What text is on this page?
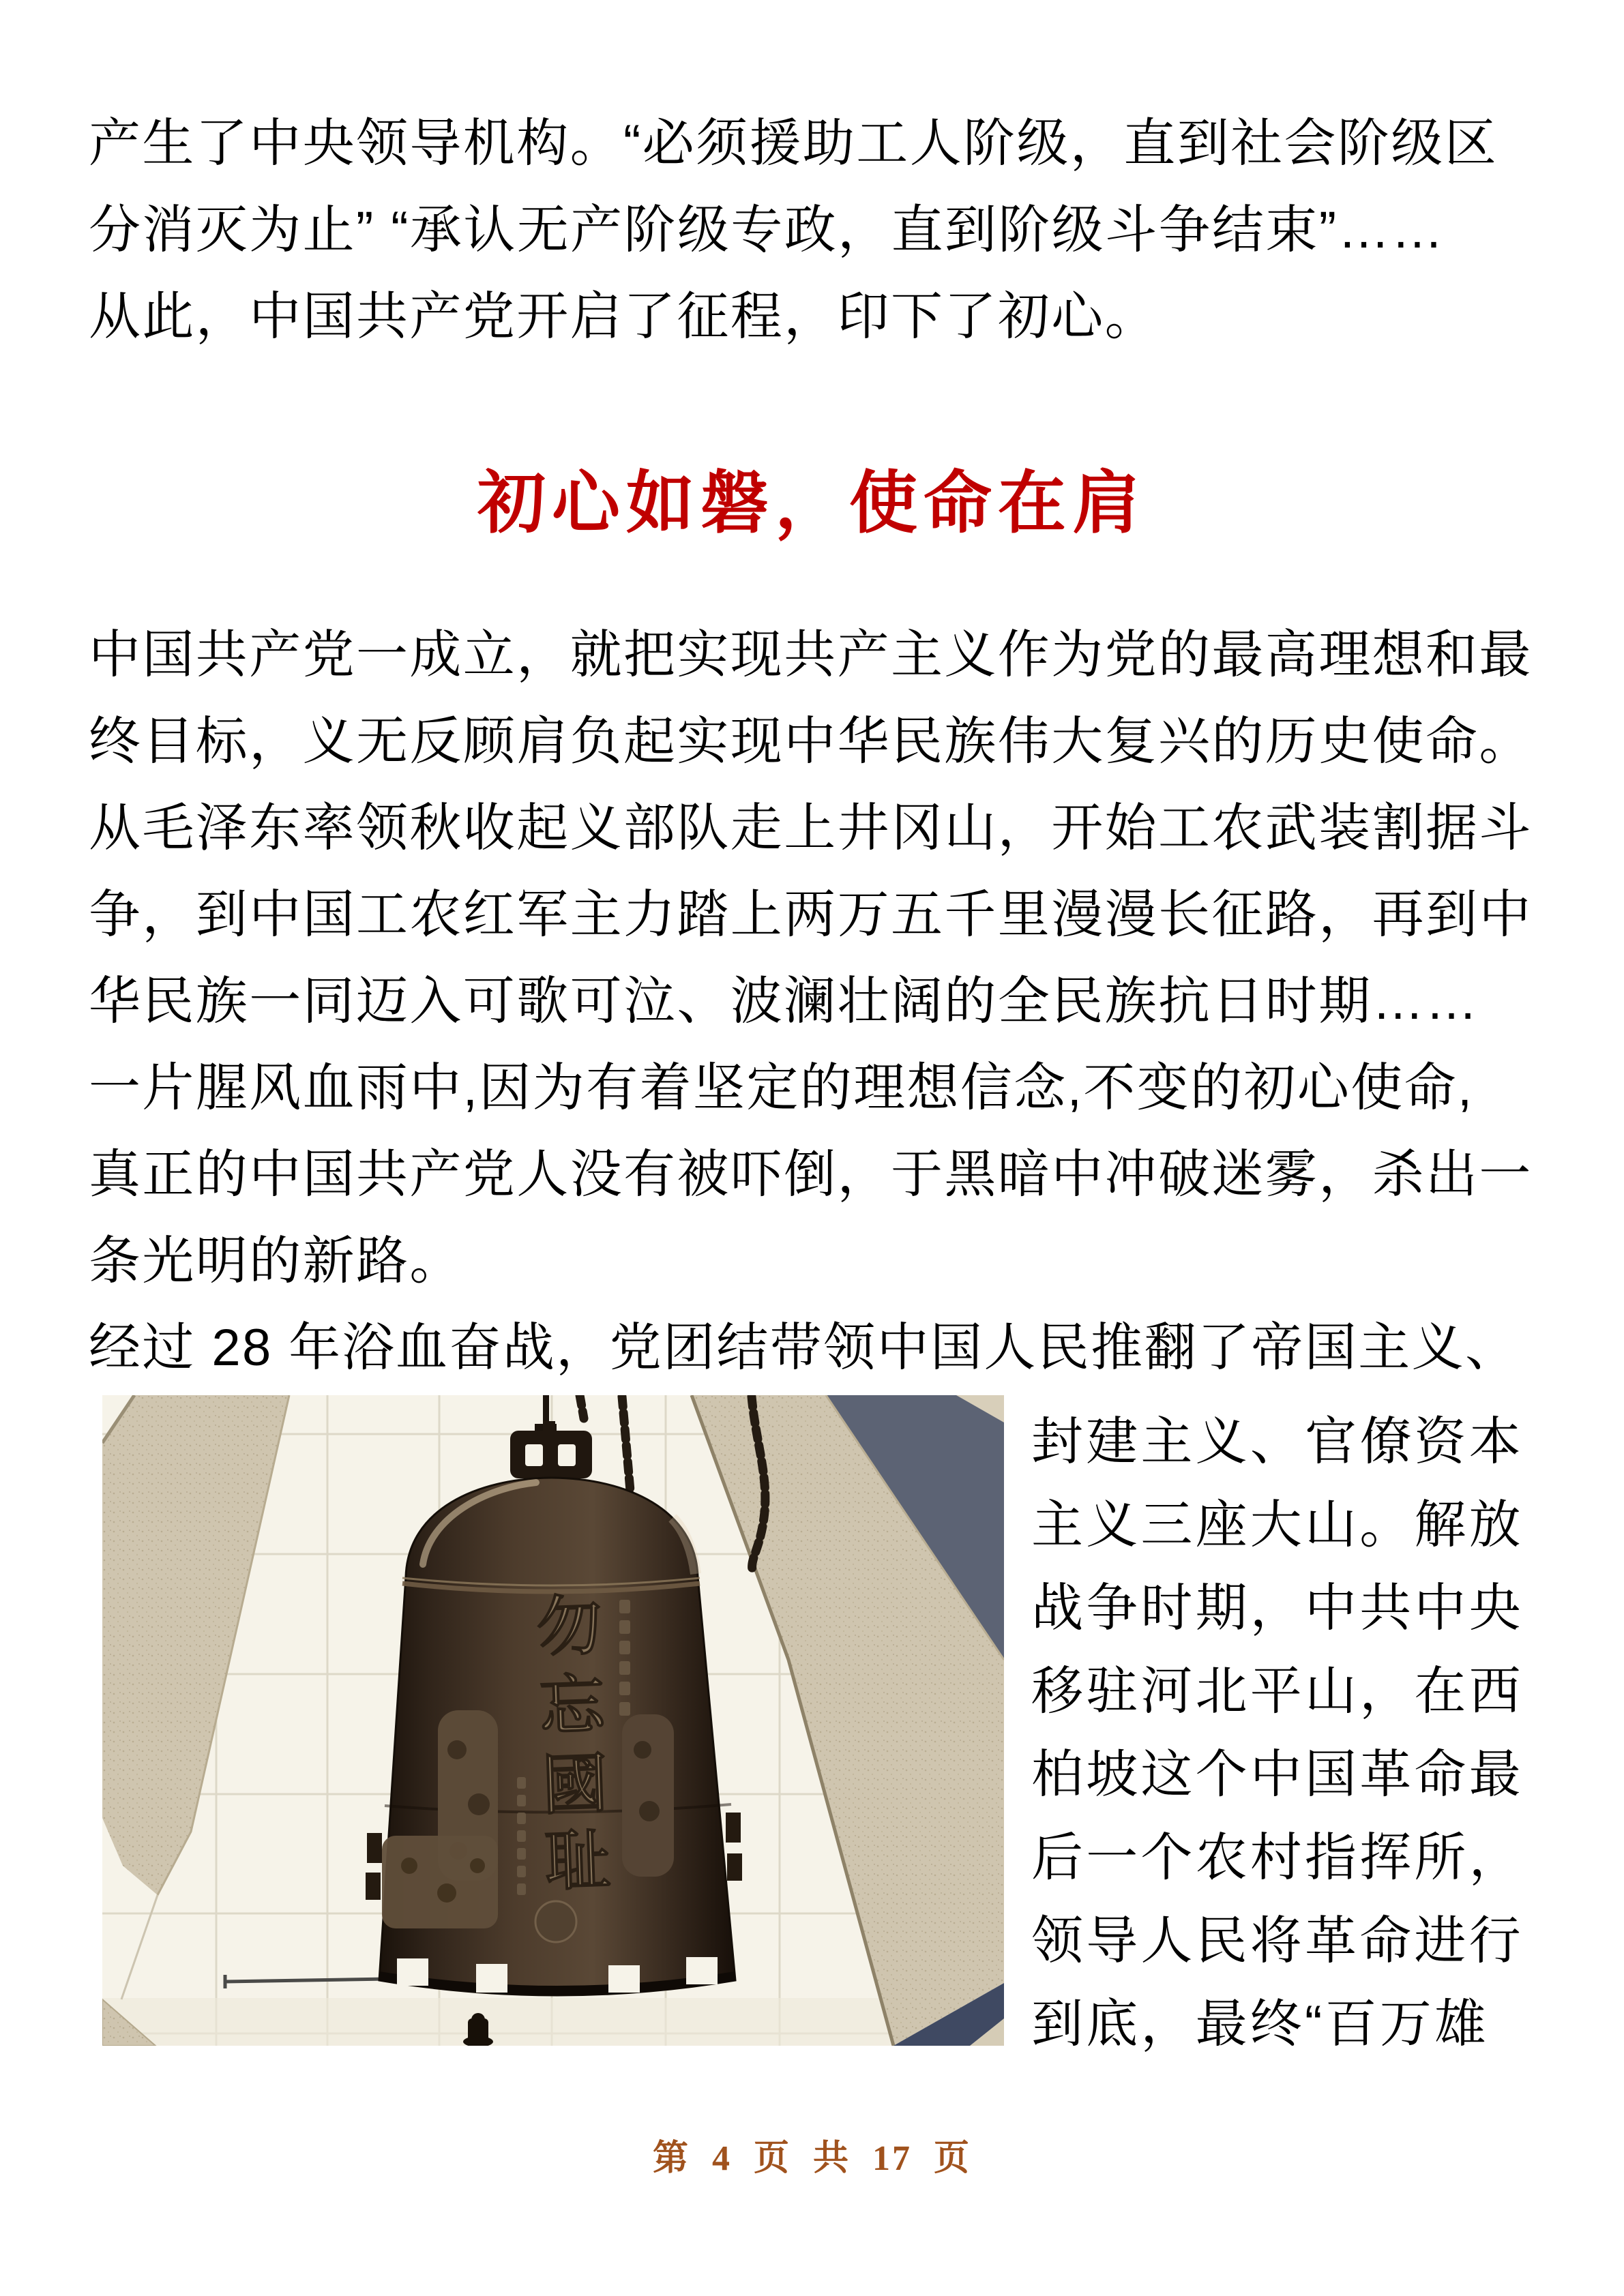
产生了中央领导机构。“必须援助工人阶级，直到社会阶级区
分消灭为止” “承认无产阶级专政，直到阶级斗争结束”……
从此，中国共产党开启了征程，印下了初心。
初心如磐，使命在肩
中国共产党一成立，就把实现共产主义作为党的最高理想和最
终目标，义无反顾肩负起实现中华民族伟大复兴的历史使命。
从毛泽东率领秋收起义部队走上井冈山，开始工农武装割据斗
争，到中国工农红军主力踏上两万五千里漫漫长征路，再到中
华民族一同迈入可歌可泣、波澜壮阔的全民族抗日时期……
一片腥风血雨中,因为有着坚定的理想信念,不变的初心使命,
真正的中国共产党人没有被吓倒，于黑暗中冲破迷雾，杀出一
条光明的新路。
经过 28 年浴血奋战，党团结带领中国人民推翻了帝国主义、
勿
忘
國
耻
封建主义、官僚资本
主义三座大山。解放
战争时期，中共中央
移驻河北平山，在西
柏坡这个中国革命最
后一个农村指挥所，
领导人民将革命进行
到底，最终“百万雄
第 4 页 共 17 页
